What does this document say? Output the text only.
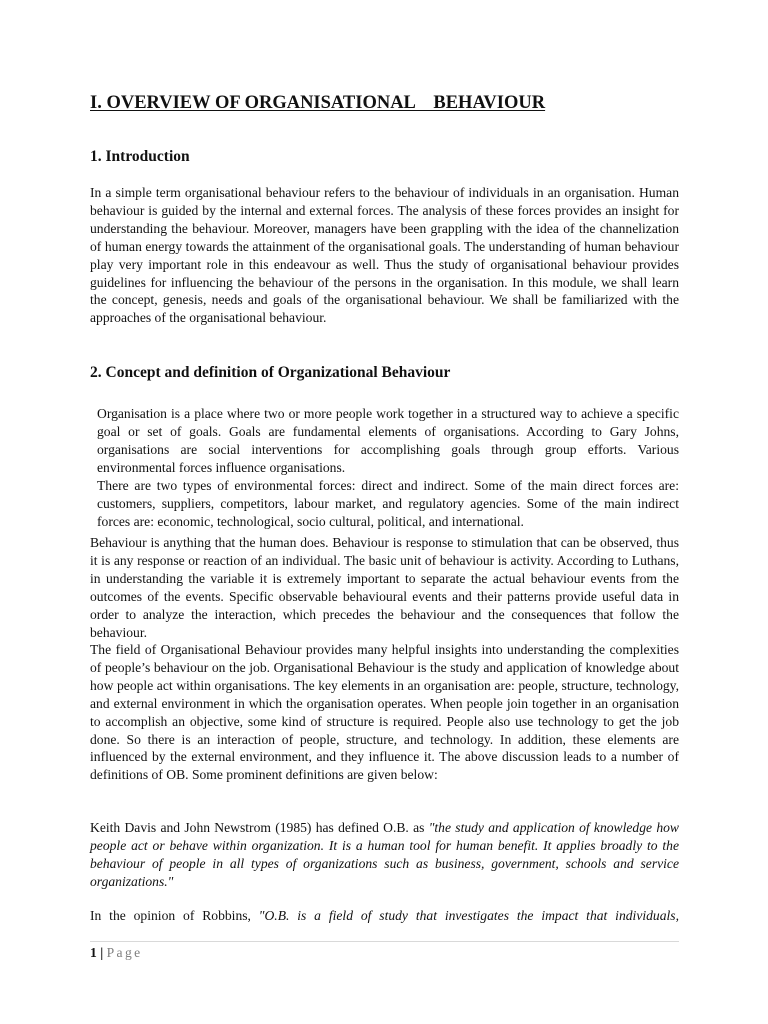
I. OVERVIEW OF ORGANISATIONAL    BEHAVIOUR
1. Introduction

In a simple term organisational behaviour refers to the behaviour of individuals in an organisation. Human behaviour is guided by the internal and external forces. The analysis of these forces provides an insight for understanding the behaviour. Moreover, managers have been grappling with the idea of the channelization of human energy towards the attainment of the organisational goals. The understanding of human behaviour play very important role in this endeavour as well. Thus the study of organisational behaviour provides guidelines for influencing the behaviour of the persons in the organisation. In this module, we shall learn the concept, genesis, needs and goals of the organisational behaviour. We shall be familiarized with the approaches of the organisational behaviour.

2. Concept and definition of Organizational Behaviour

Organisation is a place where two or more people work together in a structured way to achieve a specific goal or set of goals. Goals are fundamental elements of organisations. According to Gary Johns, organisations are social interventions for accomplishing goals through group efforts. Various environmental forces influence organisations.

There are two types of environmental forces: direct and indirect. Some of the main direct forces are: customers, suppliers, competitors, labour market, and regulatory agencies. Some of the main indirect forces are: economic, technological, socio cultural, political, and international.

Behaviour is anything that the human does. Behaviour is response to stimulation that can be observed, thus it is any response or reaction of an individual. The basic unit of behaviour is activity. According to Luthans, in understanding the variable it is extremely important to separate the actual behaviour events from the outcomes of the events. Specific observable behavioural events and their patterns provide useful data in order to analyze the interaction, which precedes the behaviour and the consequences that follow the behaviour.

The field of Organisational Behaviour provides many helpful insights into understanding the complexities of people’s behaviour on the job. Organisational Behaviour is the study and application of knowledge about how people act within organisations. The key elements in an organisation are: people, structure, technology, and external environment in which the organisation operates. When people join together in an organisation to accomplish an objective, some kind of structure is required. People also use technology to get the job done. So there is an interaction of people, structure, and technology. In addition, these elements are influenced by the external environment, and they influence it. The above discussion leads to a number of definitions of OB. Some prominent definitions are given below:

Keith Davis and John Newstrom (1985) has defined O.B. as "the study and application of knowledge how people act or behave within organization. It is a human tool for human benefit. It applies broadly to the behaviour of people in all types of organizations such as business, government, schools and service organizations."

In the opinion of Robbins, "O.B. is a field of study that investigates the impact that individuals,

1 | Page
